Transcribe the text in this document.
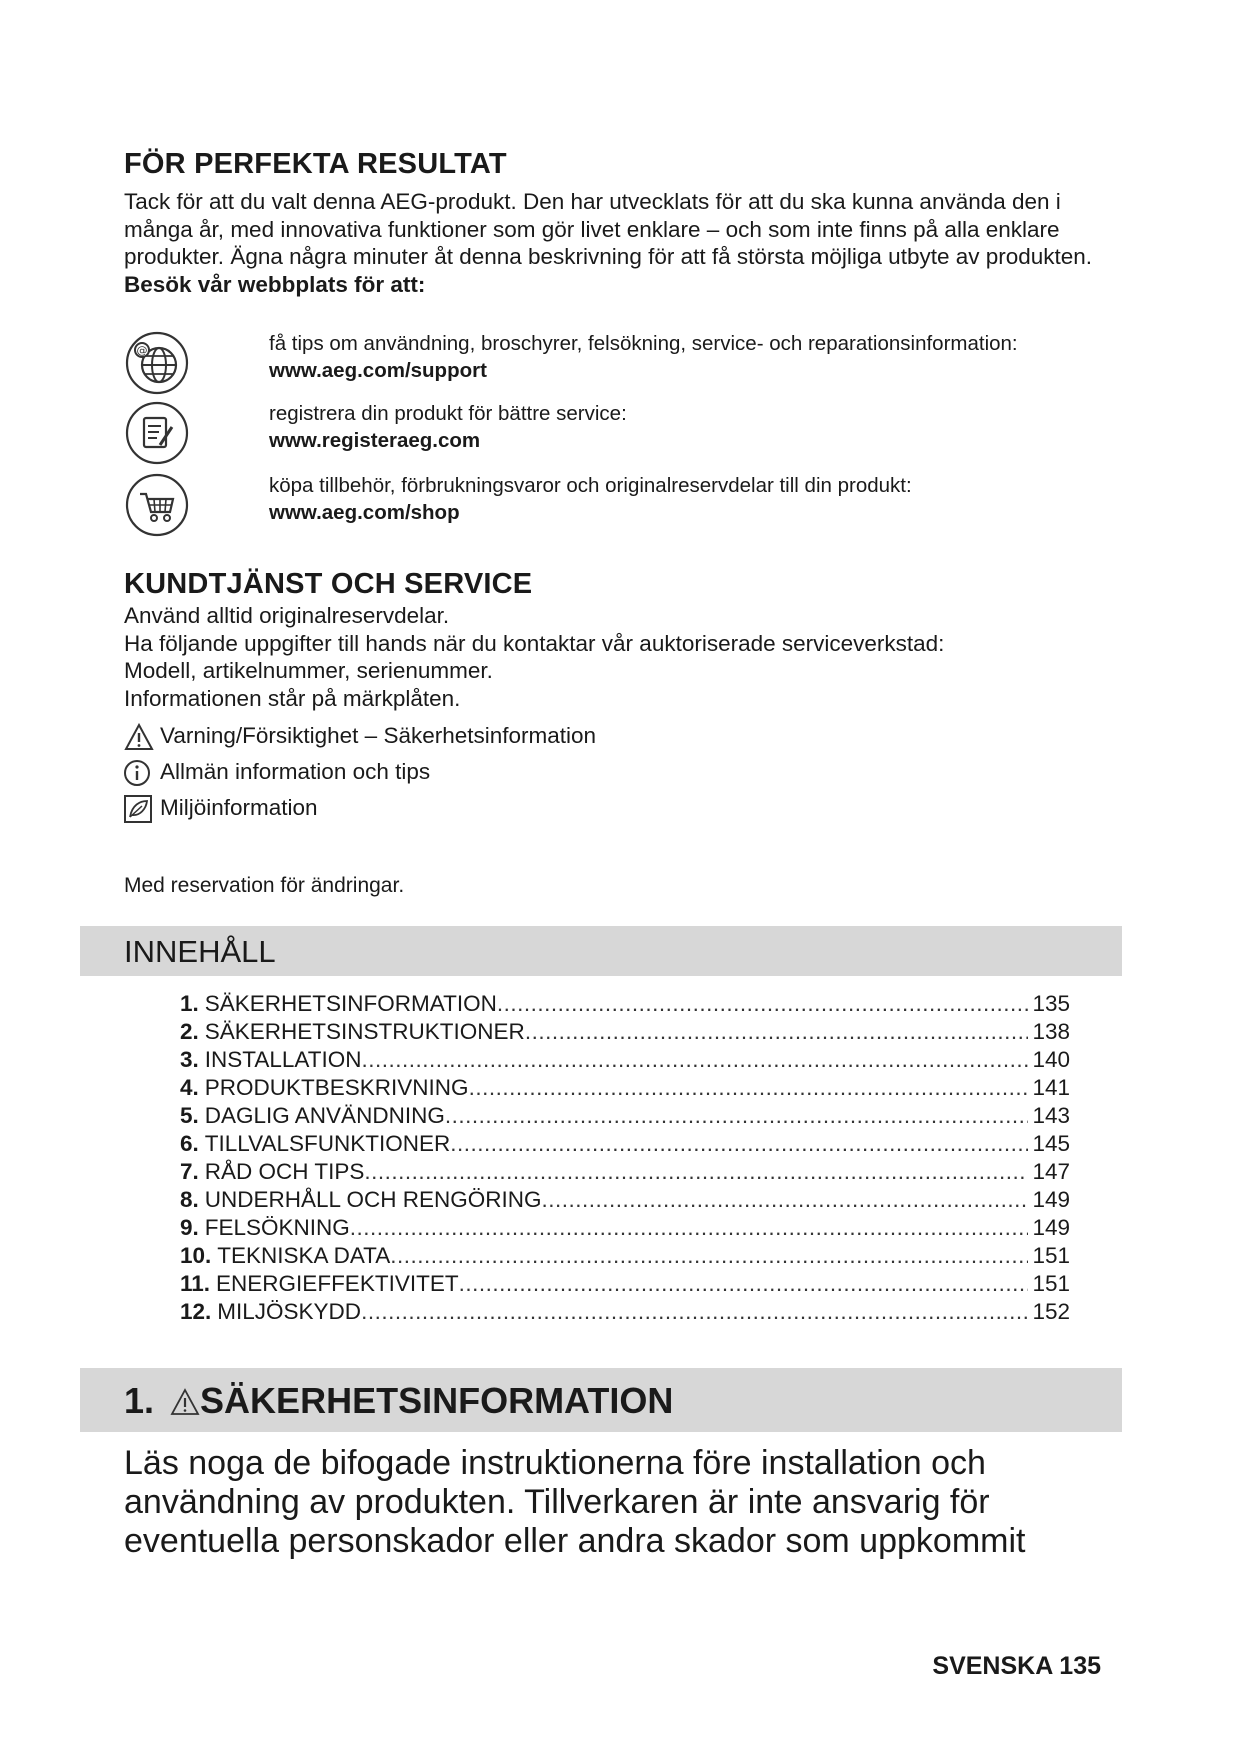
FÖR PERFEKTA RESULTAT

Tack för att du valt denna AEG-produkt. Den har utvecklats för att du ska kunna använda den i många år, med innovativa funktioner som gör livet enklare – och som inte finns på alla enklare produkter. Ägna några minuter åt denna beskrivning för att få största möjliga utbyte av produkten.

Besök vår webbplats för att:

@	få tips om användning, broschyrer, felsökning, service- och reparationsinformation:
www.aeg.com/support
registrera din produkt för bättre service:
www.registeraeg.com
köpa tillbehör, förbrukningsvaror och originalreservdelar till din produkt:
www.aeg.com/shop
KUNDTJÄNST OCH SERVICE

Använd alltid originalreservdelar.

Ha följande uppgifter till hands när du kontaktar vår auktoriserade serviceverkstad:

Modell, artikelnummer, serienummer.

Informationen står på märkplåten.

Varning/Försiktighet – Säkerhetsinformation
Allmän information och tips
Miljöinformation
Med reservation för ändringar.
INNEHÅLL
1. SÄKERHETSINFORMATION .....	135
2. SÄKERHETSINSTRUKTIONER .....	138
3. INSTALLATION .....	140
4. PRODUKTBESKRIVNING .....	141
5. DAGLIG ANVÄNDNING .....	143
6. TILLVALSFUNKTIONER .....	145
7. RÅD OCH TIPS .....	147
8. UNDERHÅLL OCH RENGÖRING .....	149
9. FELSÖKNING .....	149
10. TEKNISKA DATA .....	151
11. ENERGIEFFEKTIVITET .....	151
12. MILJÖSKYDD .....	152
1. SÄKERHETSINFORMATION
Läs noga de bifogade instruktionerna före installation och användning av produkten. Tillverkaren är inte ansvarig för eventuella personskador eller andra skador som uppkommit
SVENSKA 135
